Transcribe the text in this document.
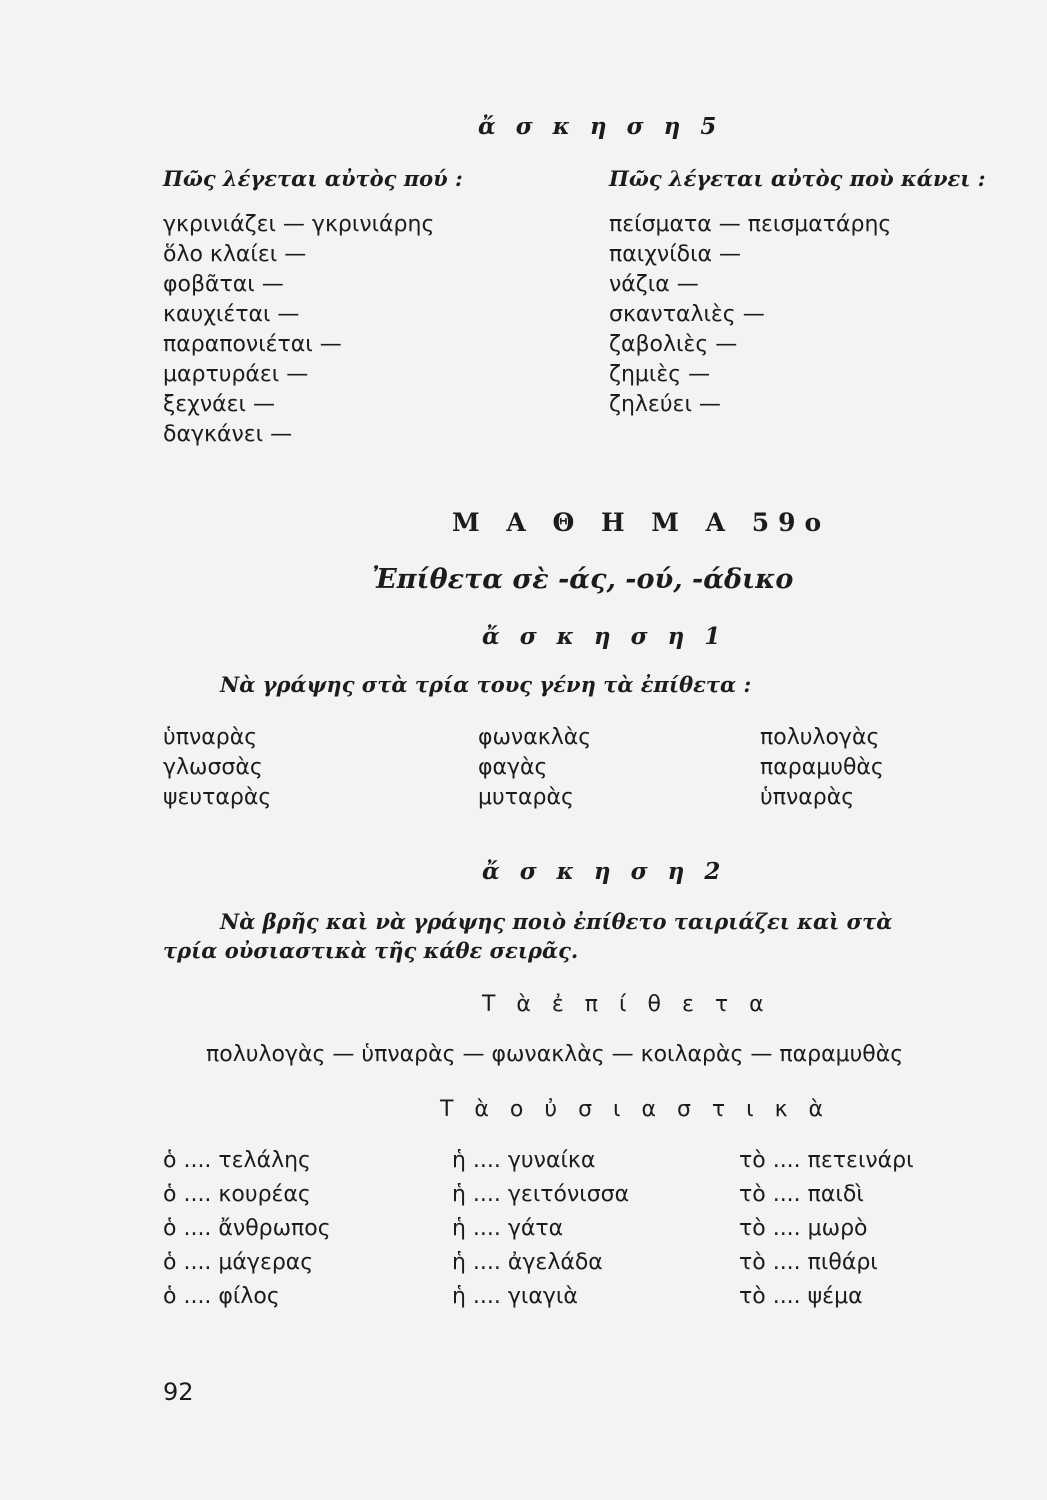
ἄ σ κ η σ η 5
Πῶς λέγεται αὐτὸς πού :	Πῶς λέγεται αὐτὸς ποὺ κάνει :
γκρινιάζει — γκρινιάρης
ὅλο κλαίει —
φοβᾶται —
καυχιέται —
παραπονιέται —
μαρτυράει —
ξεχνάει —
δαγκάνει —
πείσματα — πεισματάρης
παιχνίδια —
νάζια —
σκανταλιὲς —
ζαβολιὲς —
ζημιὲς —
ζηλεύει —
Μ Α Θ Η Μ Α 59ο
Ἐπίθετα σὲ -άς, -ού, -άδικο
ἄ σ κ η σ η 1
Νὰ γράψης στὰ τρία τους γένη τὰ ἐπίθετα :
ὑπναρὰς
γλωσσὰς
ψευταρὰς
φωνακλὰς
φαγὰς
μυταρὰς
πολυλογὰς
παραμυθὰς
ὑπναρὰς
ἄ σ κ η σ η 2
Νὰ βρῆς καὶ νὰ γράψης ποιὸ ἐπίθετο ταιριάζει καὶ στὰ
τρία οὐσιαστικὰ τῆς κάθε σειρᾶς.
Τ ὰ ἐ π ί θ ε τ α
πολυλογὰς — ὑπναρὰς — φωνακλὰς — κοιλαρὰς — παραμυθὰς
Τ ὰ ο ὐ σ ι α σ τ ι κ ὰ
ὁ .... τελάλης
ὁ .... κουρέας
ὁ .... ἄνθρωπος
ὁ .... μάγερας
ὁ .... φίλος
ἡ .... γυναίκα
ἡ .... γειτόνισσα
ἡ .... γάτα
ἡ .... ἀγελάδα
ἡ .... γιαγιὰ
τὸ .... πετεινάρι
τὸ .... παιδὶ
τὸ .... μωρὸ
τὸ .... πιθάρι
τὸ .... ψέμα
92
